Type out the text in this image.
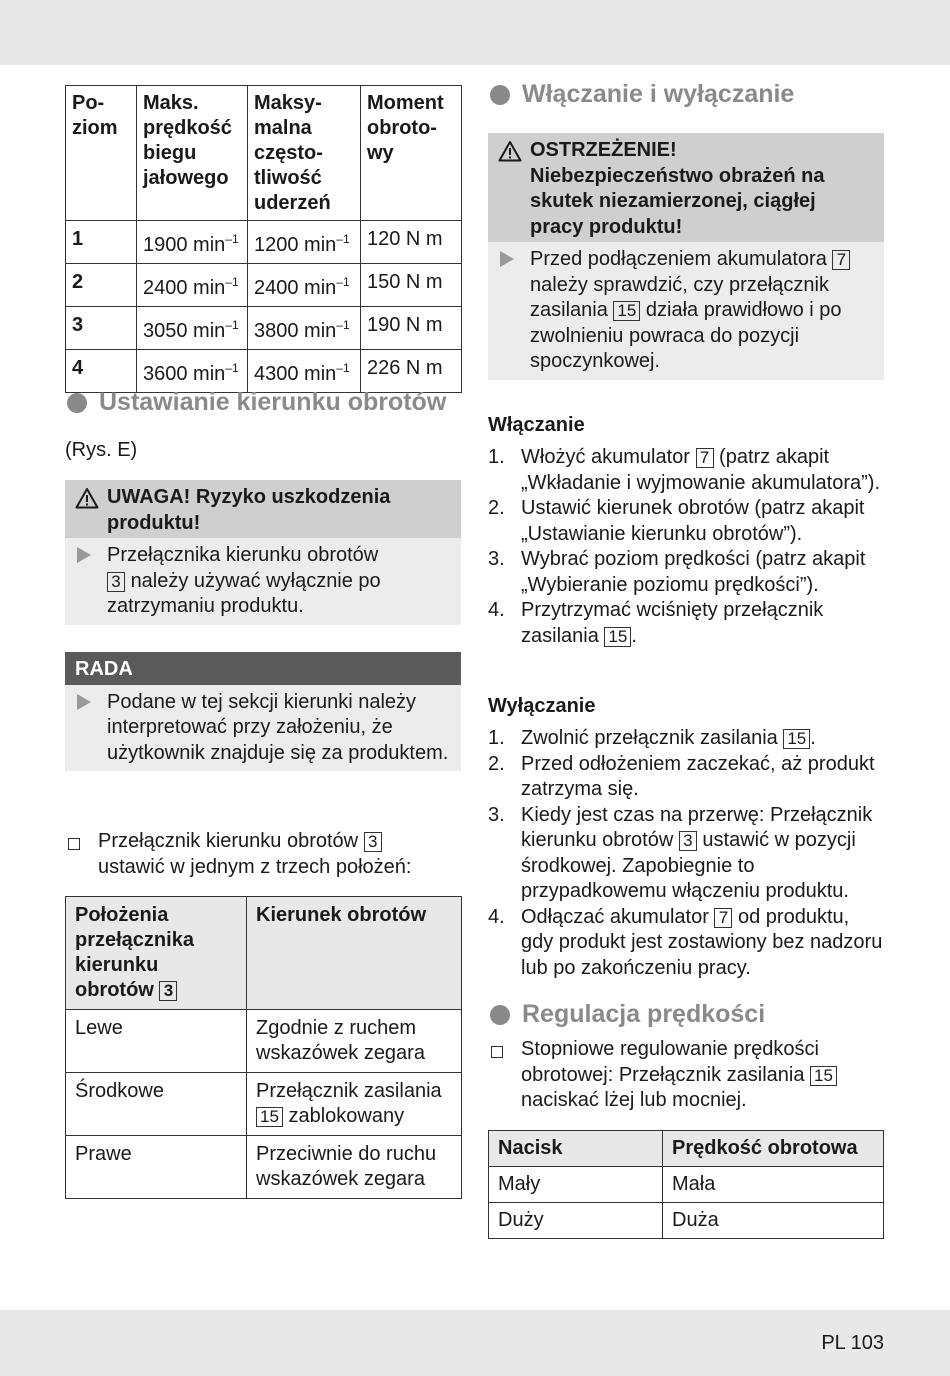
Po-
ziom	Maks.
prędkość
biegu
jałowego	Maksy-
malna
często-
tliwość
uderzeń	Moment
obroto-
wy
1	1900 $\min^{-1}$	1200 $\min^{-1}$	120 N m
2	2400 $\min^{-1}$	2400 $\min^{-1}$	150 N m
3	3050 $\min^{-1}$	3800 $\min^{-1}$	190 N m
4	3600 $\min^{-1}$	4300 $\min^{-1}$	226 N m
Ustawianie kierunku obrotów
(Rys. E)
UWAGA! Ryzyko uszkodzenia produktu!
Przełącznika kierunku obrotów
3 należy używać wyłącznie po zatrzymaniu produktu.
RADA
Podane w tej sekcji kierunki należy interpretować przy założeniu, że użytkownik znajduje się za produktem.
Przełącznik kierunku obrotów 3
ustawić w jednym z trzech położeń:
Położenia przełącznika kierunku obrotów 3	Kierunek obrotów
Lewe	Zgodnie z ruchem wskazówek zegara
Środkowe	Przełącznik zasilania 15 zablokowany
Prawe	Przeciwnie do ruchu wskazówek zegara
Włączanie i wyłączanie
OSTRZEŻENIE!
Niebezpieczeństwo obrażeń na skutek niezamierzonej, ciągłej pracy produktu!
Przed podłączeniem akumulatora 7 należy sprawdzić, czy przełącznik zasilania 15 działa prawidłowo i po zwolnieniu powraca do pozycji spoczynkowej.
Włączanie
1. Włożyć akumulator 7 (patrz akapit „Wkładanie i wyjmowanie akumulatora”).
2. Ustawić kierunek obrotów (patrz akapit „Ustawianie kierunku obrotów”).
3. Wybrać poziom prędkości (patrz akapit „Wybieranie poziomu prędkości”).
4. Przytrzymać wciśnięty przełącznik zasilania 15 .
Wyłączanie
1. Zwolnić przełącznik zasilania 15 .
2. Przed odłożeniem zaczekać, aż produkt zatrzyma się.
3. Kiedy jest czas na przerwę: Przełącznik kierunku obrotów 3 ustawić w pozycji środkowej. Zapobiegnie to przypadkowemu włączeniu produktu.
4. Odłączać akumulator 7 od produktu, gdy produkt jest zostawiony bez nadzoru lub po zakończeniu pracy.
Regulacja prędkości
Stopniowe regulowanie prędkości obrotowej: Przełącznik zasilania 15 naciskać lżej lub mocniej.
Nacisk	Prędkość obrotowa
Mały	Mała
Duży	Duża
PL 103
